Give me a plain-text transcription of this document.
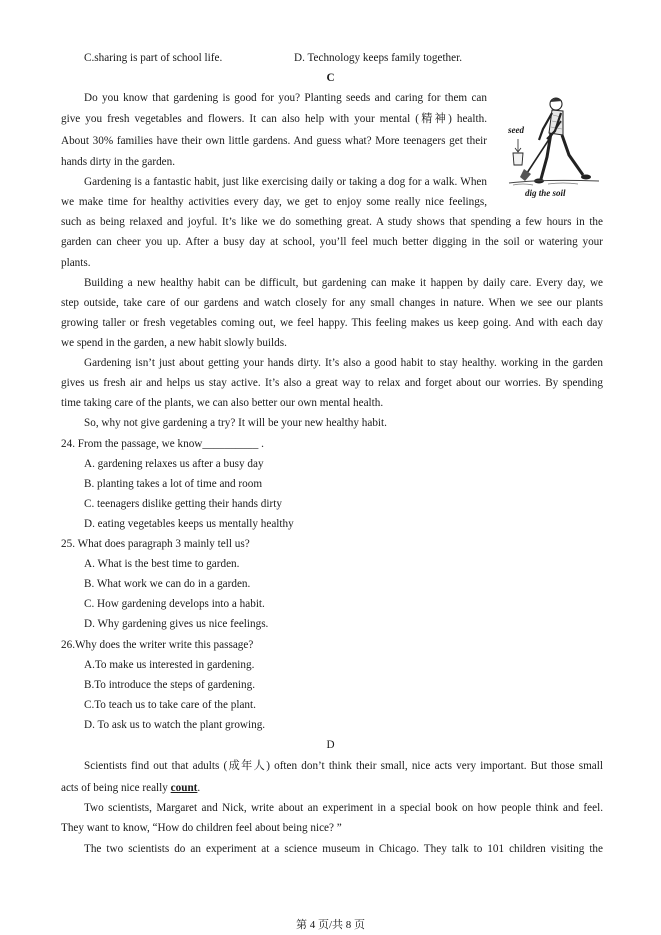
C.sharing is part of school life.	D. Technology keeps family together.
C
Do you know that gardening is good for you? Planting seeds and caring for them can
give you fresh vegetables and flowers. It can also help with your mental (精神) health.
About 30% families have their own little gardens. And guess what? More teenagers get their
hands dirty in the garden.
Gardening is a fantastic habit, just like exercising daily or taking a dog for a walk. When
we make time for healthy activities every day, we get to enjoy some really nice feelings,
such as being relaxed and joyful. It’s like we do something great. A study shows that spending a few hours in the
garden can cheer you up. After a busy day at school, you’ll feel much better digging in the soil or watering your
plants.
Building a new healthy habit can be difficult, but gardening can make it happen by daily care. Every day, we
step outside, take care of our gardens and watch closely for any small changes in nature. When we see our plants
growing taller or fresh vegetables coming out, we feel happy. This feeling makes us keep going. And with each day
we spend in the garden, a new habit slowly builds.
Gardening isn’t just about getting your hands dirty. It’s also a good habit to stay healthy. working in the garden
gives us fresh air and helps us stay active. It’s also a great way to relax and forget about our worries. By spending
time taking care of the plants, we can also better our own mental health.
So, why not give gardening a try? It will be your new healthy habit.
24. From the passage, we know__________ .
A. gardening relaxes us after a busy day
B. planting takes a lot of time and room
C. teenagers dislike getting their hands dirty
D. eating vegetables keeps us mentally healthy
25. What does paragraph 3 mainly tell us?
A. What is the best time to garden.
B. What work we can do in a garden.
C. How gardening develops into a habit.
D. Why gardening gives us nice feelings.
26.Why does the writer write this passage?
A.To make us interested in gardening.
B.To introduce the steps of gardening.
C.To teach us to take care of the plant.
D. To ask us to watch the plant growing.
D
Scientists find out that adults (成年人) often don’t think their small, nice acts very important. But those small
acts of being nice really count.
Two scientists, Margaret and Nick, write about an experiment in a special book on how people think and feel.
They want to know, “How do children feel about being nice? ”
The two scientists do an experiment at a science museum in Chicago. They talk to 101 children visiting the
第 4 页/共 8 页
seed
dig the soil
